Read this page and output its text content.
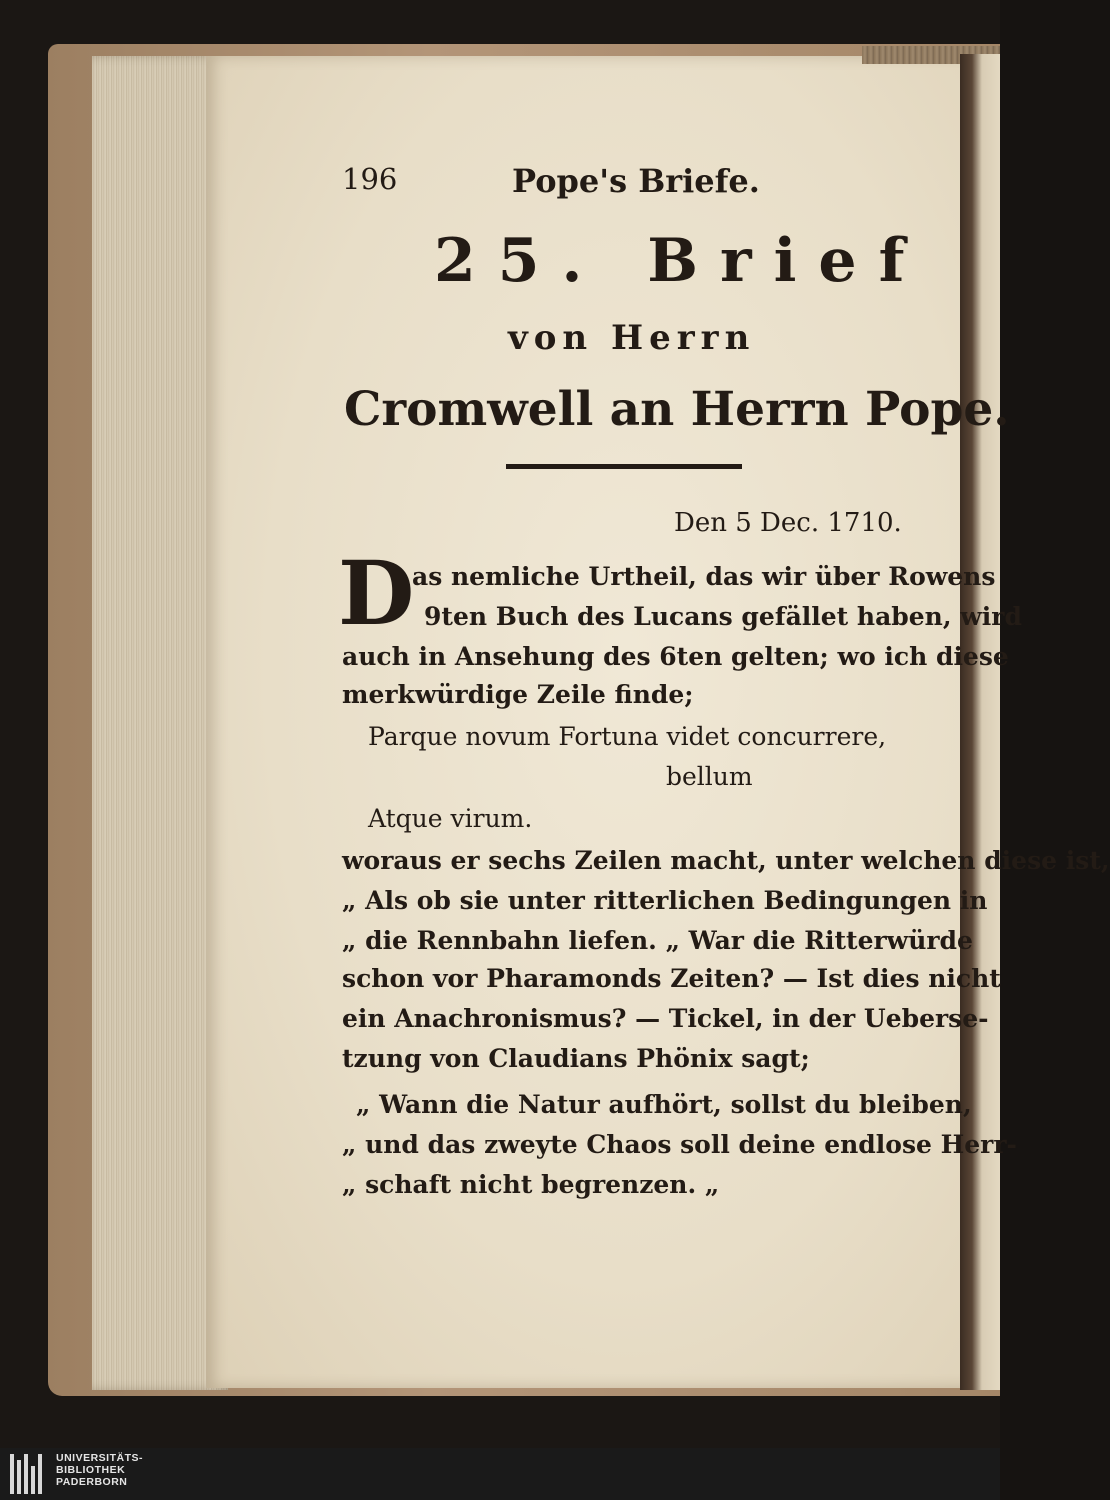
196	Pope's Briefe.
25. Brief
von Herrn
Cromwell an Herrn Pope.
Den 5 Dec. 1710.
D
as nemliche Urtheil, das wir über Rowens
9ten Buch des Lucans gefället haben, wird
auch in Ansehung des 6ten gelten; wo ich diese
merkwürdige Zeile finde;
Parque novum Fortuna videt concurrere,
bellum
Atque virum.
woraus er sechs Zeilen macht, unter welchen diese ist,
„ Als ob sie unter ritterlichen Bedingungen in
„ die Rennbahn liefen. „ War die Ritterwürde
schon vor Pharamonds Zeiten? — Ist dies nicht
ein Anachronismus? — Tickel, in der Ueberse-
tzung von Claudians Phönix sagt;
„ Wann die Natur aufhört, sollst du bleiben,
„ und das zweyte Chaos soll deine endlose Herr-
„ schaft nicht begrenzen. „
UNIVERSITÄTS-
BIBLIOTHEK
PADERBORN
